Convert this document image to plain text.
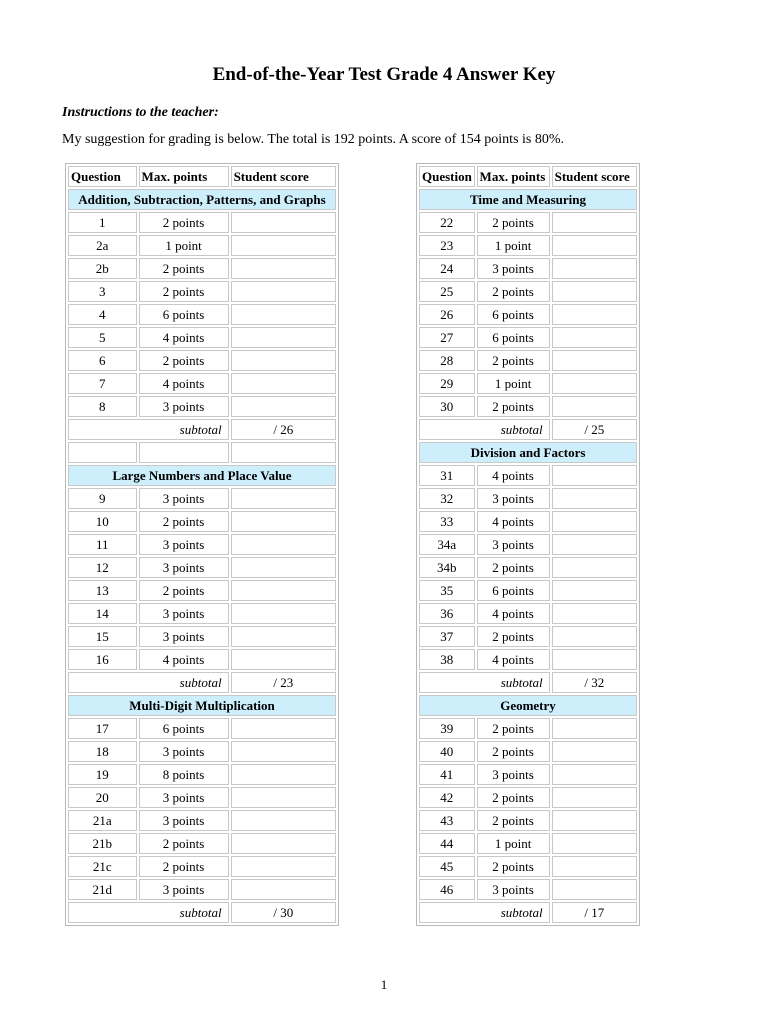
End-of-the-Year Test Grade 4 Answer Key

Instructions to the teacher:

My suggestion for grading is below. The total is 192 points. A score of 154 points is 80%.

Question	Max. points	Student score
Addition, Subtraction, Patterns, and Graphs		
1	2 points	
2a	1 point	
2b	2 points	
3	2 points	
4	6 points	
5	4 points	
6	2 points	
7	4 points	
8	3 points	
subtotal		/ 26

Large Numbers and Place Value		
9	3 points	
10	2 points	
11	3 points	
12	3 points	
13	2 points	
14	3 points	
15	3 points	
16	4 points	
subtotal		/ 23
Multi-Digit Multiplication		
17	6 points	
18	3 points	
19	8 points	
20	3 points	
21a	3 points	
21b	2 points	
21c	2 points	
21d	3 points	
subtotal		/ 30
Question	Max. points	Student score
Time and Measuring		
22	2 points	
23	1 point	
24	3 points	
25	2 points	
26	6 points	
27	6 points	
28	2 points	
29	1 point	
30	2 points	
subtotal		/ 25
Division and Factors		
31	4 points	
32	3 points	
33	4 points	
34a	3 points	
34b	2 points	
35	6 points	
36	4 points	
37	2 points	
38	4 points	
subtotal		/ 32
Geometry		
39	2 points	
40	2 points	
41	3 points	
42	2 points	
43	2 points	
44	1 point	
45	2 points	
46	3 points	
subtotal		/ 17
1
